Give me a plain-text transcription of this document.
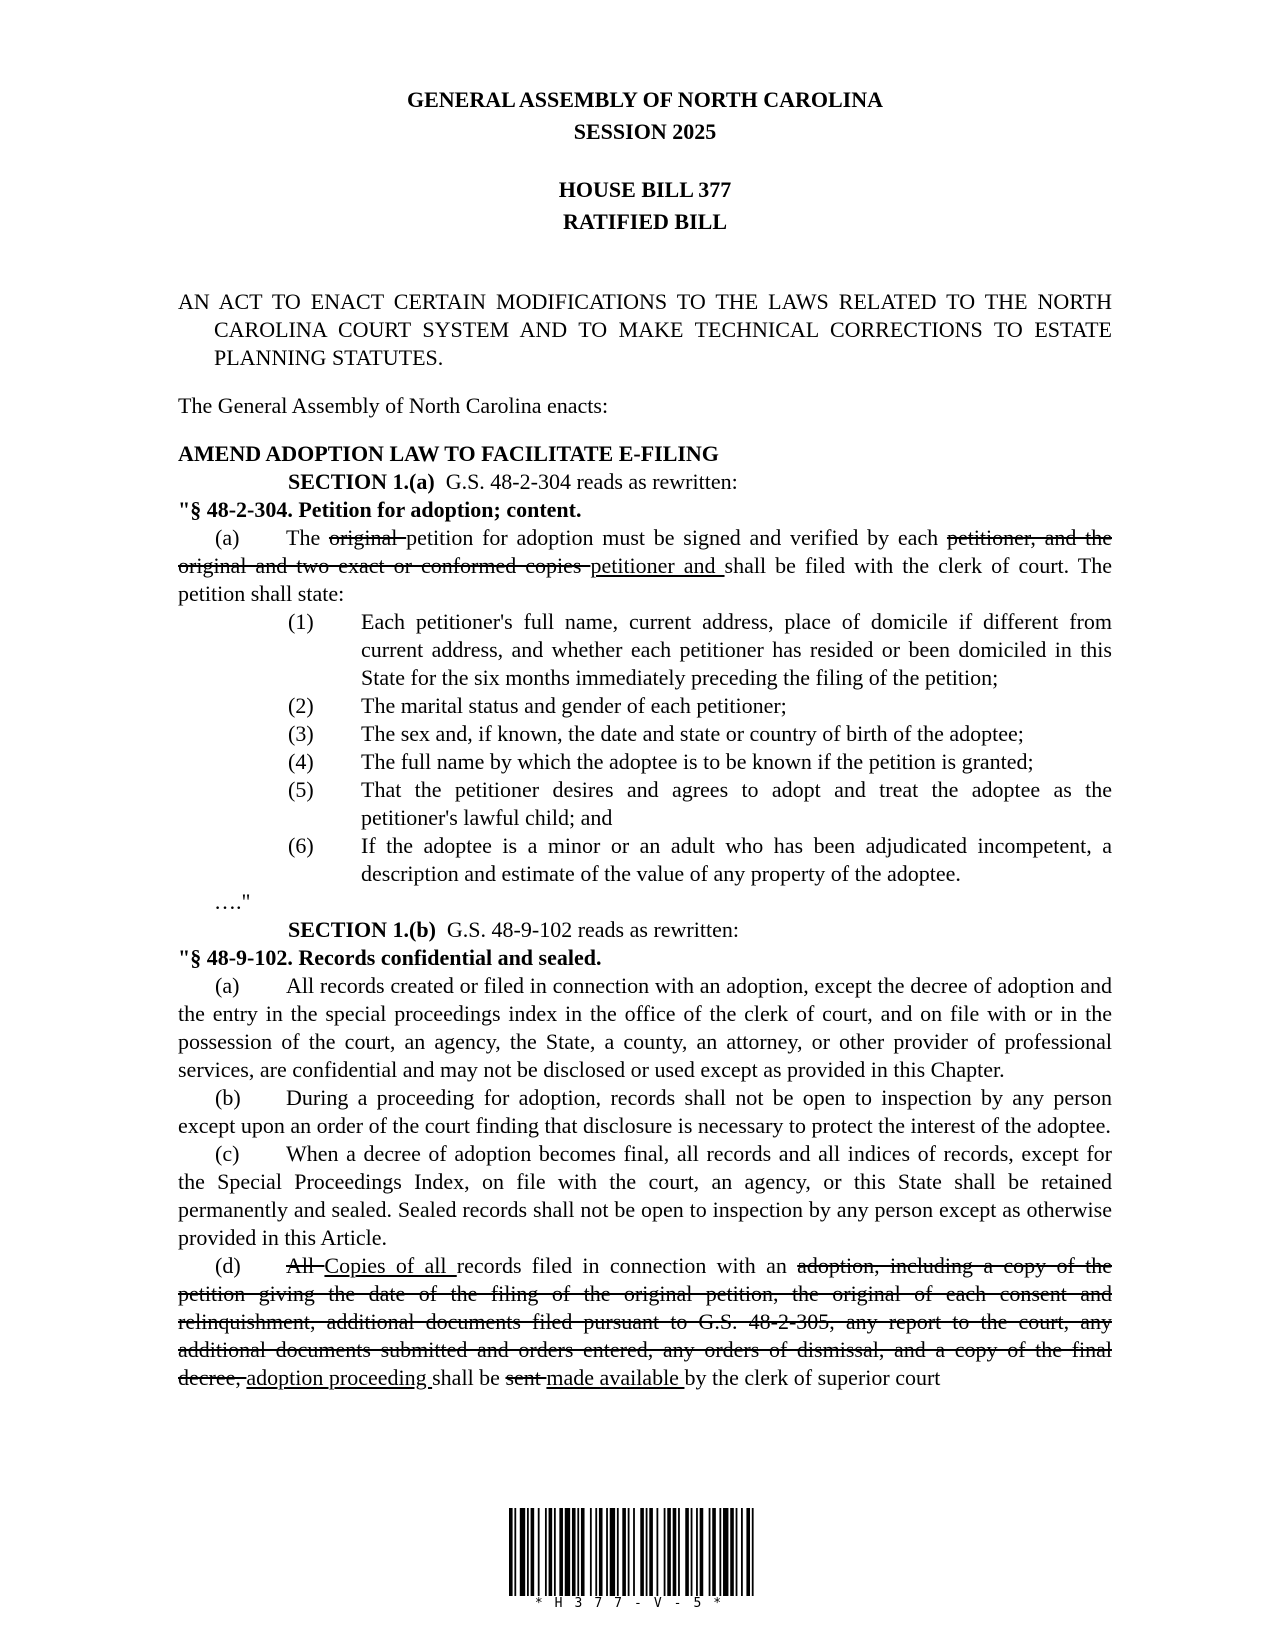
GENERAL ASSEMBLY OF NORTH CAROLINA
SESSION 2025
HOUSE BILL 377
RATIFIED BILL
AN ACT TO ENACT CERTAIN MODIFICATIONS TO THE LAWS RELATED TO THE NORTH CAROLINA COURT SYSTEM AND TO MAKE TECHNICAL CORRECTIONS TO ESTATE PLANNING STATUTES.
The General Assembly of North Carolina enacts:
AMEND ADOPTION LAW TO FACILITATE E-FILING
SECTION 1.(a) G.S. 48-2-304 reads as rewritten:
"§ 48-2-304. Petition for adoption; content.
(a) The original petition for adoption must be signed and verified by each petitioner, and the original and two exact or conformed copies petitioner and shall be filed with the clerk of court. The petition shall state:
(1)	Each petitioner's full name, current address, place of domicile if different from current address, and whether each petitioner has resided or been domiciled in this State for the six months immediately preceding the filing of the petition;
(2)	The marital status and gender of each petitioner;
(3)	The sex and, if known, the date and state or country of birth of the adoptee;
(4)	The full name by which the adoptee is to be known if the petition is granted;
(5)	That the petitioner desires and agrees to adopt and treat the adoptee as the petitioner's lawful child; and
(6)	If the adoptee is a minor or an adult who has been adjudicated incompetent, a description and estimate of the value of any property of the adoptee.
…."
SECTION 1.(b) G.S. 48-9-102 reads as rewritten:
"§ 48-9-102. Records confidential and sealed.
(a) All records created or filed in connection with an adoption, except the decree of adoption and the entry in the special proceedings index in the office of the clerk of court, and on file with or in the possession of the court, an agency, the State, a county, an attorney, or other provider of professional services, are confidential and may not be disclosed or used except as provided in this Chapter.
(b) During a proceeding for adoption, records shall not be open to inspection by any person except upon an order of the court finding that disclosure is necessary to protect the interest of the adoptee.
(c) When a decree of adoption becomes final, all records and all indices of records, except for the Special Proceedings Index, on file with the court, an agency, or this State shall be retained permanently and sealed. Sealed records shall not be open to inspection by any person except as otherwise provided in this Article.
(d) All Copies of all records filed in connection with an adoption, including a copy of the petition giving the date of the filing of the original petition, the original of each consent and relinquishment, additional documents filed pursuant to G.S. 48-2-305, any report to the court, any additional documents submitted and orders entered, any orders of dismissal, and a copy of the final decree, adoption proceeding shall be sent made available by the clerk of superior court
*H377-V-5*
